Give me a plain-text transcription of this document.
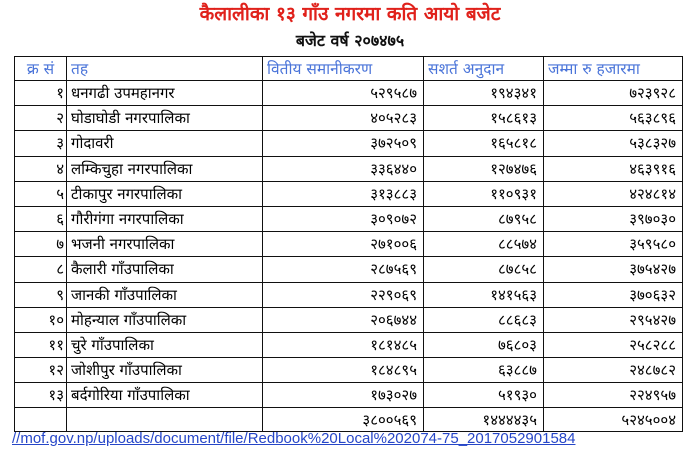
कैलालीका १३ गाँउ नगरमा कति आयो बजेट
बजेट वर्ष २०७४७५
क्र सं	तह	वितीय समानीकरण	सशर्त अनुदान	जम्मा रु हजारमा
१	धनगढी उपमहानगर	५२९५८७	१९४३४१	७२३९२८
२	घोडाघोडी नगरपालिका	४०५२८३	१५८६१३	५६३८९६
३	गोदावरी	३७२५०९	१६५८१८	५३८३२७
४	लम्किचुहा नगरपालिका	३३६४४०	१२७४७६	४६३९१६
५	टीकापुर नगरपालिका	३१३८८३	११०९३१	४२४८१४
६	गौरीगंगा नगरपालिका	३०९०७२	८७९५८	३९७०३०
७	भजनी नगरपालिका	२७१००६	८८५७४	३५९५८०
८	कैलारी गाँउपालिका	२८७५६९	८७८५८	३७५४२७
९	जानकी गाँउपालिका	२२९०६९	१४१५६३	३७०६३२
१०	मोहन्याल गाँउपालिका	२०६७४४	८८६८३	२९५४२७
११	चुरे गाँउपालिका	१८१४८५	७६८०३	२५८२८८
१२	जोशीपुर गाँउपालिका	१८४८९५	६३८८७	२४८७८२
१३	बर्दगोरिया गाँउपालिका	१७३०२७	५१९३०	२२४९५७
		३८००५६९	१४४४४३५	५२४५००४
//mof.gov.np/uploads/document/file/Redbook%20Local%202074-75_2017052901584
